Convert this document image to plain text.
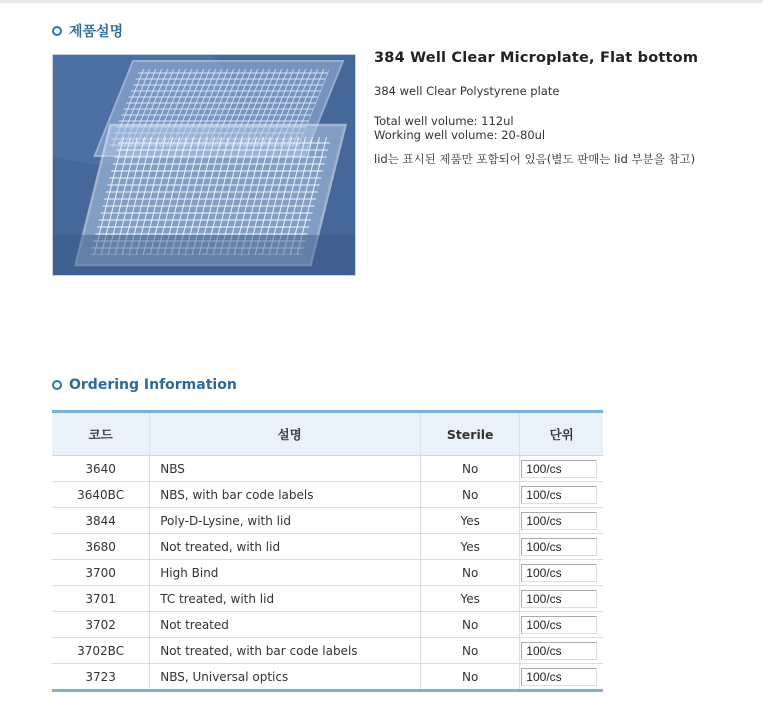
제품설명
384 Well Clear Microplate, Flat bottom
384 well Clear Polystyrene plate
Total well volume: 112ul
Working well volume: 20-80ul
lid는 표시된 제품만 포함되어 있음(별도 판매는 lid 부분을 참고)
Ordering Information
코드	설명	Sterile	단위
3640	NBS	No	100/cs
3640BC	NBS, with bar code labels	No	100/cs
3844	Poly-D-Lysine, with lid	Yes	100/cs
3680	Not treated, with lid	Yes	100/cs
3700	High Bind	No	100/cs
3701	TC treated, with lid	Yes	100/cs
3702	Not treated	No	100/cs
3702BC	Not treated, with bar code labels	No	100/cs
3723	NBS, Universal optics	No	100/cs
